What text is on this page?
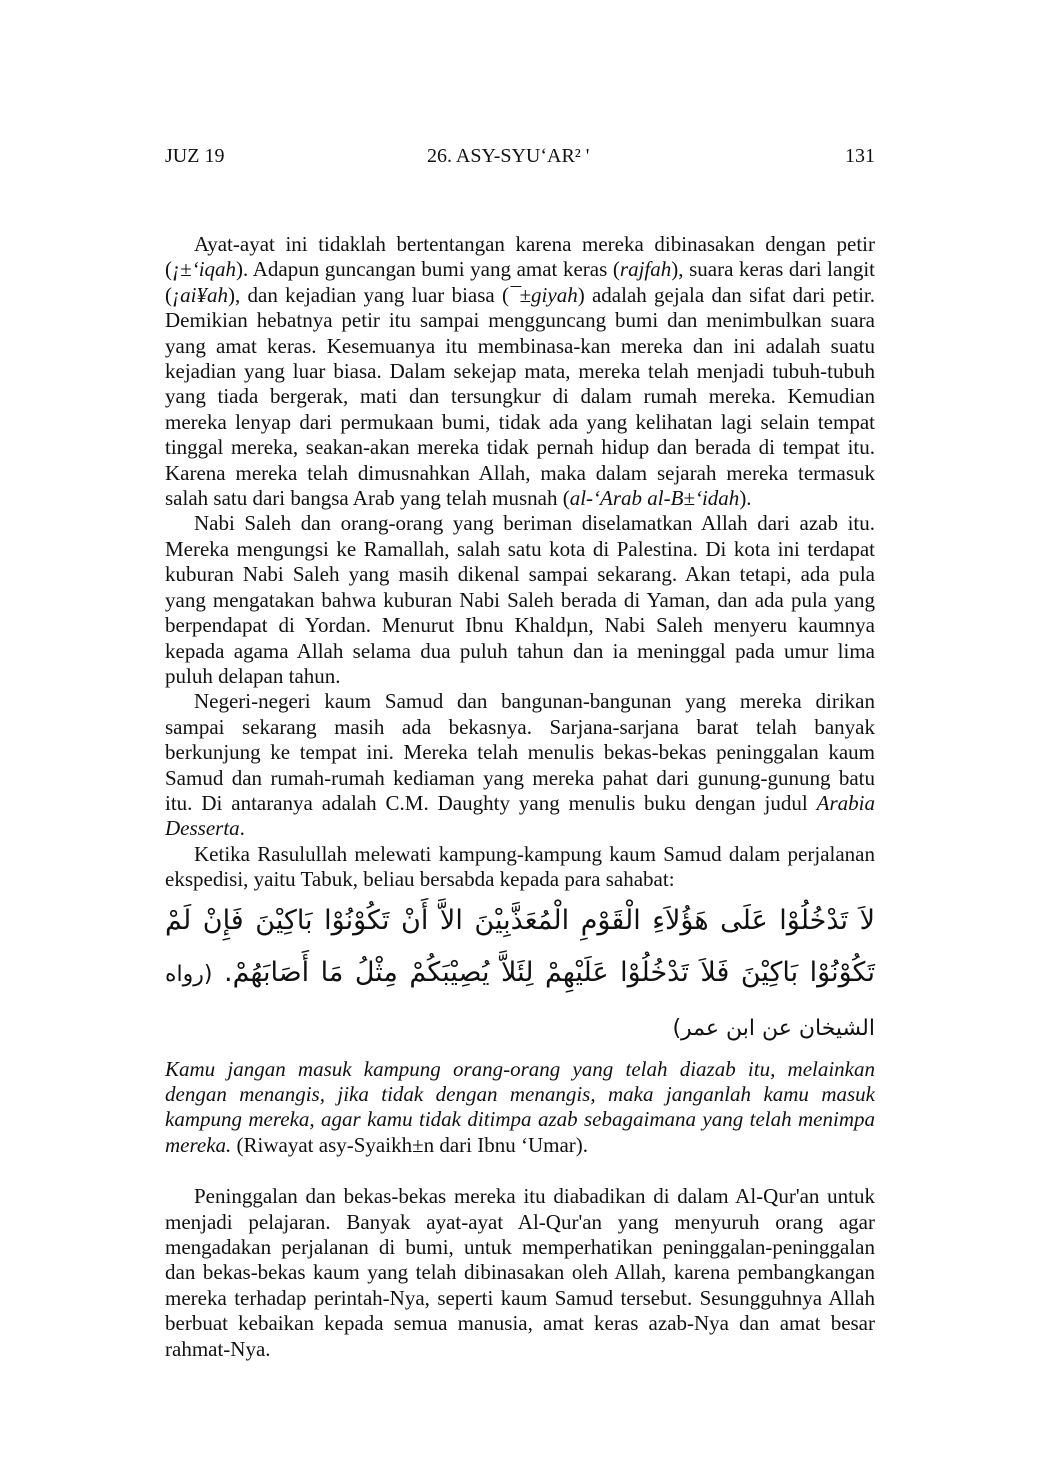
JUZ 19	26. ASY-SYU‘AR² '	131

Ayat-ayat ini tidaklah bertentangan karena mereka dibinasakan dengan petir (¡±‘iqah). Adapun guncangan bumi yang amat keras (rajfah), suara keras dari langit (¡ai¥ah), dan kejadian yang luar biasa (¯±giyah) adalah gejala dan sifat dari petir. Demikian hebatnya petir itu sampai mengguncang bumi dan menimbulkan suara yang amat keras. Kesemuanya itu membinasa-kan mereka dan ini adalah suatu kejadian yang luar biasa. Dalam sekejap mata, mereka telah menjadi tubuh-tubuh yang tiada bergerak, mati dan tersungkur di dalam rumah mereka. Kemudian mereka lenyap dari permukaan bumi, tidak ada yang kelihatan lagi selain tempat tinggal mereka, seakan-akan mereka tidak pernah hidup dan berada di tempat itu. Karena mereka telah dimusnahkan Allah, maka dalam sejarah mereka termasuk salah satu dari bangsa Arab yang telah musnah (al-‘Arab al-B±‘idah).

Nabi Saleh dan orang-orang yang beriman diselamatkan Allah dari azab itu. Mereka mengungsi ke Ramallah, salah satu kota di Palestina. Di kota ini terdapat kuburan Nabi Saleh yang masih dikenal sampai sekarang. Akan tetapi, ada pula yang mengatakan bahwa kuburan Nabi Saleh berada di Yaman, dan ada pula yang berpendapat di Yordan. Menurut Ibnu Khaldµn, Nabi Saleh menyeru kaumnya kepada agama Allah selama dua puluh tahun dan ia meninggal pada umur lima puluh delapan tahun.

Negeri-negeri kaum Samud dan bangunan-bangunan yang mereka dirikan sampai sekarang masih ada bekasnya. Sarjana-sarjana barat telah banyak berkunjung ke tempat ini. Mereka telah menulis bekas-bekas peninggalan kaum Samud dan rumah-rumah kediaman yang mereka pahat dari gunung-gunung batu itu. Di antaranya adalah C.M. Daughty yang menulis buku dengan judul Arabia Desserta.

Ketika Rasulullah melewati kampung-kampung kaum Samud dalam perjalanan ekspedisi, yaitu Tabuk, beliau bersabda kepada para sahabat:

لاَ تَدْخُلُوْا عَلَى هَؤُلاَءِ الْقَوْمِ الْمُعَذَّبِيْنَ الاَّ أَنْ تَكُوْنُوْا بَاكِيْنَ فَإِنْ لَمْ تَكُوْنُوْا بَاكِيْنَ فَلاَ تَدْخُلُوْا عَلَيْهِمْ لِئَلاَّ يُصِيْبَكُمْ مِثْلُ مَا أَصَابَهُمْ. (رواه الشيخان عن ابن عمر)

Kamu jangan masuk kampung orang-orang yang telah diazab itu, melainkan dengan menangis, jika tidak dengan menangis, maka janganlah kamu masuk kampung mereka, agar kamu tidak ditimpa azab sebagaimana yang telah menimpa mereka. (Riwayat asy-Syaikh±n dari Ibnu ‘Umar).

Peninggalan dan bekas-bekas mereka itu diabadikan di dalam Al-Qur'an untuk menjadi pelajaran. Banyak ayat-ayat Al-Qur'an yang menyuruh orang agar mengadakan perjalanan di bumi, untuk memperhatikan peninggalan-peninggalan dan bekas-bekas kaum yang telah dibinasakan oleh Allah, karena pembangkangan mereka terhadap perintah-Nya, seperti kaum Samud tersebut. Sesungguhnya Allah berbuat kebaikan kepada semua manusia, amat keras azab-Nya dan amat besar rahmat-Nya.
